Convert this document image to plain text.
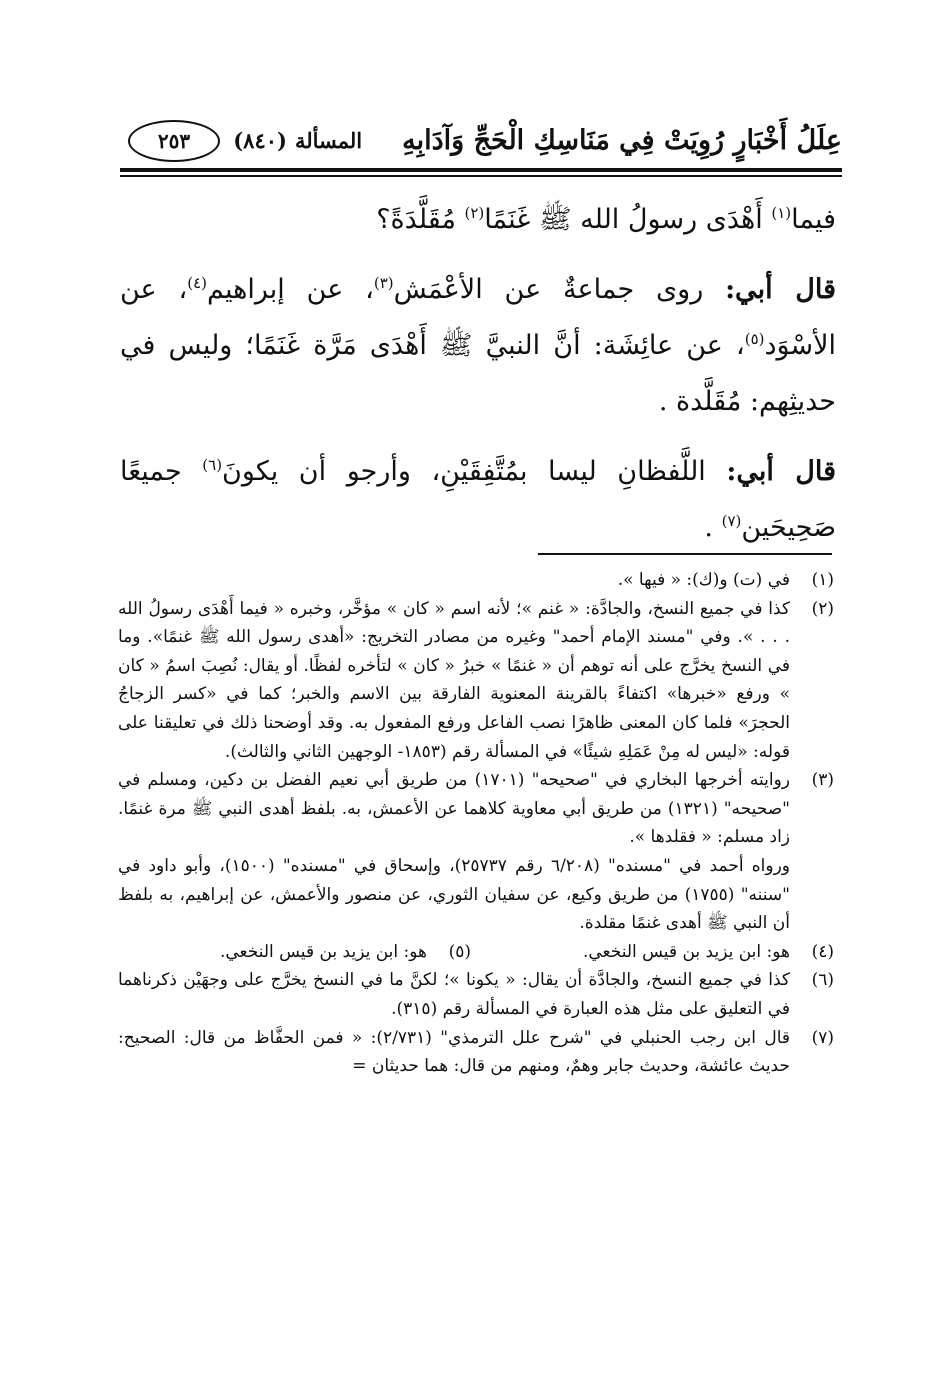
عِلَلُ أَخْبَارٍ رُوِيَتْ فِي مَنَاسِكِ الْحَجِّ وَآدَابِهِ
المسألة
(٨٤٠)
٢٥٣

فيما$^{(١)}$ أَهْدَى رسولُ الله ﷺ غَنَمًا$^{(٢)}$ مُقَلَّدَةً؟

قال أبي: روى جماعةٌ عن الأعْمَش$^{(٣)}$، عن إبراهيم$^{(٤)}$، عن الأسْوَد$^{(٥)}$، عن عائِشَة: أنَّ النبيَّ ﷺ أَهْدَى مَرَّة غَنَمًا؛ وليس في حديثِهم: مُقَلَّدة .

قال أبي: اللَّفظانِ ليسا بمُتَّفِقَيْنِ، وأرجو أن يكونَ$^{(٦)}$ جميعًا صَحِيحَين$^{(٧)}$ .

(١)
في (ت) و(ك): « فيها ».
(٢)
كذا في جميع النسخ، والجادَّة: « غنم »؛ لأنه اسم « كان » مؤخَّر، وخبره « فيما أَهْدَى رسولُ الله . . . ». وفي "مسند الإمام أحمد" وغيره من مصادر التخريج: «أهدى رسول الله ﷺ غنمًا». وما في النسخ يخرَّج على أنه توهم أن « غنمًا » خبرُ « كان » لتأخره لفظًا. أو يقال: نُصِبَ اسمُ « كان » ورفع «خبرها» اكتفاءً بالقرينة المعنوية الفارقة بين الاسم والخبر؛ كما في «كسر الزجاجُ الحجرَ» فلما كان المعنى ظاهرًا نصب الفاعل ورفع المفعول به. وقد أوضحنا ذلك في تعليقنا على قوله: «ليس له مِنْ عَمَلِهِ شيئًا» في المسألة رقم (١٨٥٣- الوجهين الثاني والثالث).
(٣)
روايته أخرجها البخاري في "صحيحه" (١٧٠١) من طريق أبي نعيم الفضل بن دكين، ومسلم في "صحيحه" (١٣٢١) من طريق أبي معاوية كلاهما عن الأعمش، به. بلفظ أهدى النبي ﷺ مرة غنمًا. زاد مسلم: « فقلدها ».
ورواه أحمد في "مسنده" (٦/٢٠٨ رقم ٢٥٧٣٧)، وإسحاق في "مسنده" (١٥٠٠)، وأبو داود في "سننه" (١٧٥٥) من طريق وكيع، عن سفيان الثوري، عن منصور والأعمش، عن إبراهيم، به بلفظ أن النبي ﷺ أهدى غنمًا مقلدة.
(٤)
هو: ابن يزيد بن قيس النخعي.
(٥)
هو: ابن يزيد بن قيس النخعي.
(٦)
كذا في جميع النسخ، والجادَّة أن يقال: « يكونا »؛ لكنَّ ما في النسخ يخرَّج على وجهَيْن ذكرناهما في التعليق على مثل هذه العبارة في المسألة رقم (٣١٥).
(٧)
قال ابن رجب الحنبلي في "شرح علل الترمذي" (٢/٧٣١): « فمن الحفَّاظ من قال: الصحيح: حديث عائشة، وحديث جابر وهمٌ، ومنهم من قال: هما حديثان =
